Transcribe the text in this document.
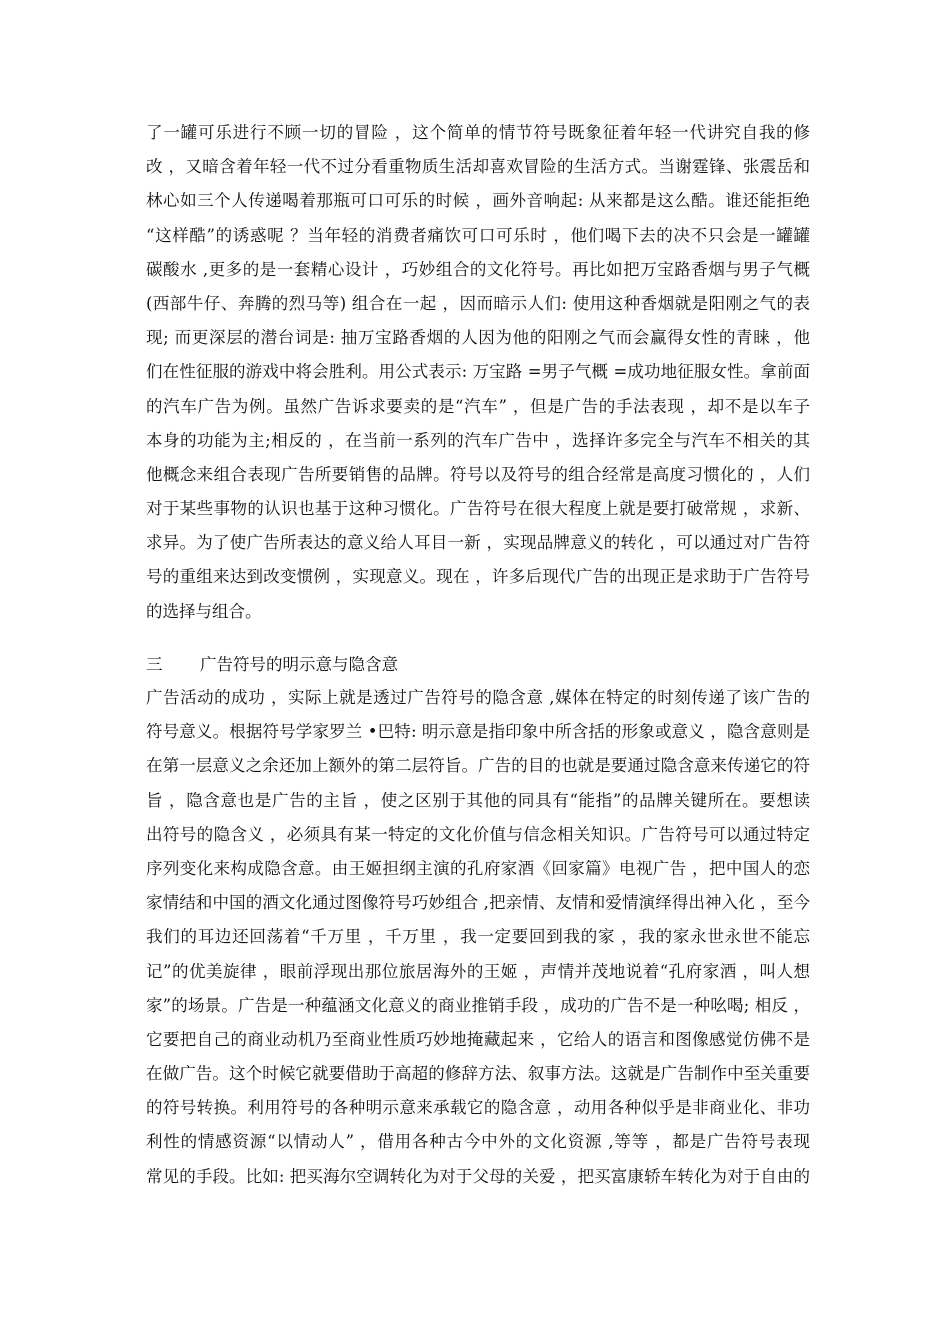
了一罐可乐进行不顾一切的冒险 ，这个简单的情节符号既象征着年轻一代讲究自我的修
改 ，又暗含着年轻一代不过分看重物质生活却喜欢冒险的生活方式。当谢霆锋、张震岳和
林心如三个人传递喝着那瓶可口可乐的时候 ，画外音响起: 从来都是这么酷。谁还能拒绝
“这样酷”的诱惑呢 ？当年轻的消费者痛饮可口可乐时 ，他们喝下去的决不只会是一罐罐
碳酸水 ,更多的是一套精心设计 ，巧妙组合的文化符号。再比如把万宝路香烟与男子气概
(西部牛仔、奔腾的烈马等) 组合在一起 ，因而暗示人们: 使用这种香烟就是阳刚之气的表
现; 而更深层的潜台词是: 抽万宝路香烟的人因为他的阳刚之气而会赢得女性的青睐 ，他
们在性征服的游戏中将会胜利。用公式表示: 万宝路 =男子气概 =成功地征服女性。拿前面
的汽车广告为例。虽然广告诉求要卖的是“汽车” ，但是广告的手法表现 ，却不是以车子
本身的功能为主;相反的 ，在当前一系列的汽车广告中 ，选择许多完全与汽车不相关的其
他概念来组合表现广告所要销售的品牌。符号以及符号的组合经常是高度习惯化的 ，人们
对于某些事物的认识也基于这种习惯化。广告符号在很大程度上就是要打破常规 ，求新、
求异。为了使广告所表达的意义给人耳目一新 ，实现品牌意义的转化 ，可以通过对广告符
号的重组来达到改变惯例 ，实现意义。现在 ，许多后现代广告的出现正是求助于广告符号
的选择与组合。
三 广告符号的明示意与隐含意
广告活动的成功 ，实际上就是透过广告符号的隐含意 ,媒体在特定的时刻传递了该广告的
符号意义。根据符号学家罗兰 •巴特: 明示意是指印象中所含括的形象或意义 ，隐含意则是
在第一层意义之余还加上额外的第二层符旨。广告的目的也就是要通过隐含意来传递它的符
旨 ，隐含意也是广告的主旨 ，使之区别于其他的同具有“能指”的品牌关键所在。要想读
出符号的隐含义 ，必须具有某一特定的文化价值与信念相关知识。广告符号可以通过特定
序列变化来构成隐含意。由王姬担纲主演的孔府家酒《回家篇》电视广告 ，把中国人的恋
家情结和中国的酒文化通过图像符号巧妙组合 ,把亲情、友情和爱情演绎得出神入化 ，至今
我们的耳边还回荡着“千万里 ，千万里 ，我一定要回到我的家 ，我的家永世永世不能忘
记”的优美旋律 ，眼前浮现出那位旅居海外的王姬 ，声情并茂地说着“孔府家酒 ，叫人想
家”的场景。广告是一种蕴涵文化意义的商业推销手段 ，成功的广告不是一种吆喝; 相反 ，
它要把自己的商业动机乃至商业性质巧妙地掩藏起来 ，它给人的语言和图像感觉仿佛不是
在做广告。这个时候它就要借助于高超的修辞方法、叙事方法。这就是广告制作中至关重要
的符号转换。利用符号的各种明示意来承载它的隐含意 ，动用各种似乎是非商业化、非功
利性的情感资源“以情动人” ，借用各种古今中外的文化资源 ,等等 ，都是广告符号表现
常见的手段。比如: 把买海尔空调转化为对于父母的关爱 ，把买富康轿车转化为对于自由的
